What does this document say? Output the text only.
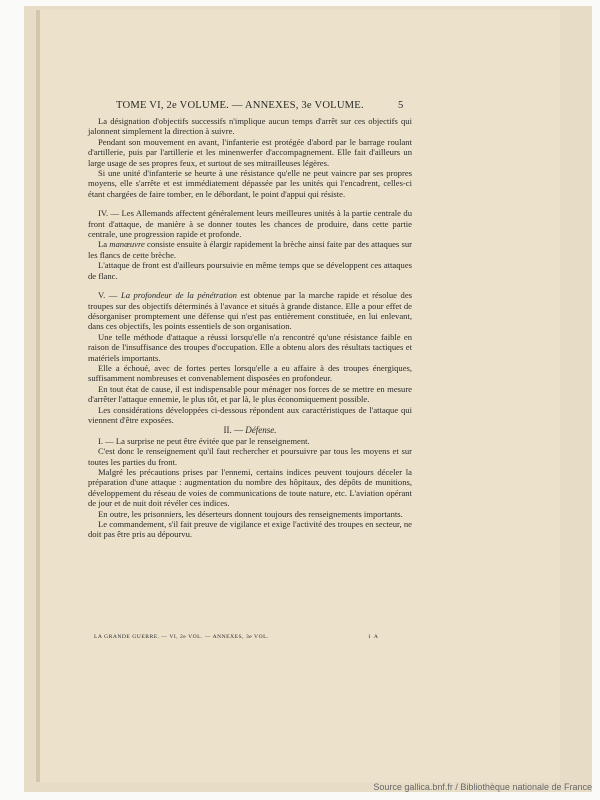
TOME VI, 2e VOLUME. — ANNEXES, 3e VOLUME.	5

La désignation d'objectifs successifs n'implique aucun temps d'arrêt sur ces objectifs qui jalonnent simplement la direction à suivre.

Pendant son mouvement en avant, l'infanterie est protégée d'abord par le barrage roulant d'artillerie, puis par l'artillerie et les minenwerfer d'accompagnement. Elle fait d'ailleurs un large usage de ses propres feux, et surtout de ses mitrailleuses légères.

Si une unité d'infanterie se heurte à une résistance qu'elle ne peut vaincre par ses propres moyens, elle s'arrête et est immédiatement dépassée par les unités qui l'encadrent, celles-ci étant chargées de faire tomber, en le débordant, le point d'appui qui résiste.

IV. — Les Allemands affectent généralement leurs meilleures unités à la partie centrale du front d'attaque, de manière à se donner toutes les chances de produire, dans cette partie centrale, une progression rapide et profonde.

La manœuvre consiste ensuite à élargir rapidement la brèche ainsi faite par des attaques sur les flancs de cette brèche.

L'attaque de front est d'ailleurs poursuivie en même temps que se développent ces attaques de flanc.

V. — La profondeur de la pénétration est obtenue par la marche rapide et résolue des troupes sur des objectifs déterminés à l'avance et situés à grande distance. Elle a pour effet de désorganiser promptement une défense qui n'est pas entièrement constituée, en lui enlevant, dans ces objectifs, les points essentiels de son organisation.

Une telle méthode d'attaque a réussi lorsqu'elle n'a rencontré qu'une résistance faible en raison de l'insuffisance des troupes d'occupation. Elle a obtenu alors des résultats tactiques et matériels importants.

Elle a échoué, avec de fortes pertes lorsqu'elle a eu affaire à des troupes énergiques, suffisamment nombreuses et convenablement disposées en profondeur.

En tout état de cause, il est indispensable pour ménager nos forces de se mettre en mesure d'arrêter l'attaque ennemie, le plus tôt, et par là, le plus économiquement possible.

Les considérations développées ci-dessous répondent aux caractéristiques de l'attaque qui viennent d'être exposées.

II. — Défense.

I. — La surprise ne peut être évitée que par le renseignement.

C'est donc le renseignement qu'il faut rechercher et poursuivre par tous les moyens et sur toutes les parties du front.

Malgré les précautions prises par l'ennemi, certains indices peuvent toujours déceler la préparation d'une attaque : augmentation du nombre des hôpitaux, des dépôts de munitions, développement du réseau de voies de communications de toute nature, etc. L'aviation opérant de jour et de nuit doit révéler ces indices.

En outre, les prisonniers, les déserteurs donnent toujours des renseignements importants.

Le commandement, s'il fait preuve de vigilance et exige l'activité des troupes en secteur, ne doit pas être pris au dépourvu.

LA GRANDE GUERRE. — VI, 2e VOL. — ANNEXES, 3e VOL.	1 A
Source gallica.bnf.fr / Bibliothèque nationale de France
